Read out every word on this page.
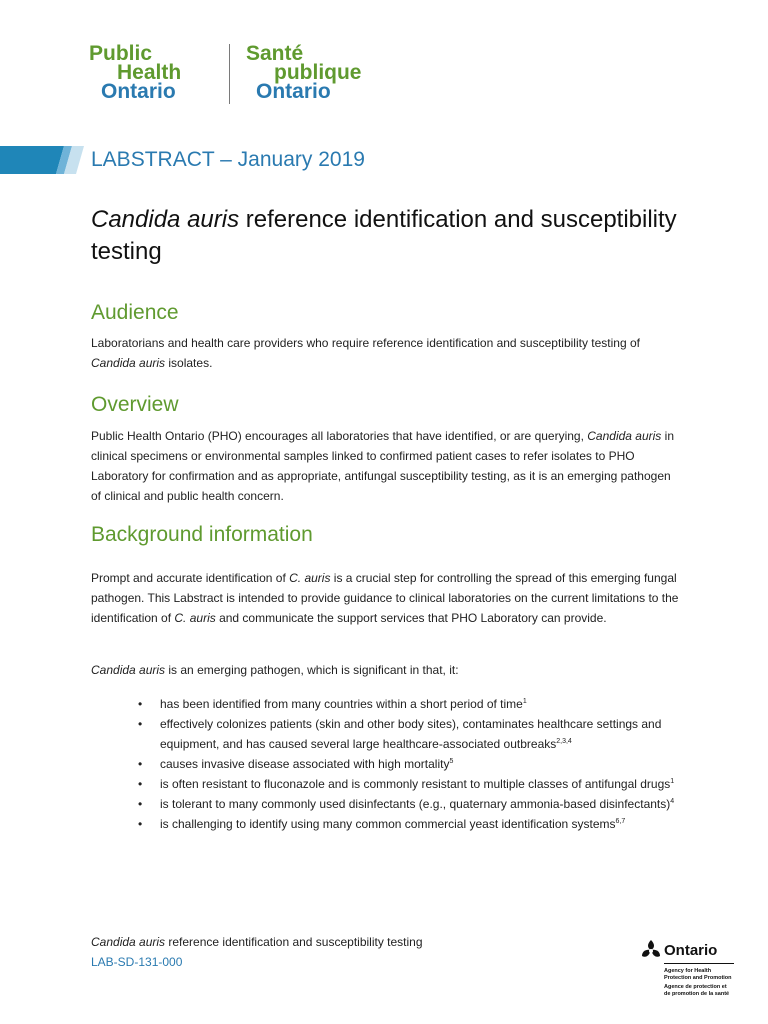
Public
Health
Ontario
Santé
publique
Ontario
LABSTRACT – January 2019
Candida auris reference identification and susceptibility testing
Audience
Laboratorians and health care providers who require reference identification and susceptibility testing of Candida auris isolates.
Overview
Public Health Ontario (PHO) encourages all laboratories that have identified, or are querying, Candida auris in clinical specimens or environmental samples linked to confirmed patient cases to refer isolates to PHO Laboratory for confirmation and as appropriate, antifungal susceptibility testing, as it is an emerging pathogen of clinical and public health concern.
Background information
Prompt and accurate identification of C. auris is a crucial step for controlling the spread of this emerging fungal pathogen. This Labstract is intended to provide guidance to clinical laboratories on the current limitations to the identification of C. auris and communicate the support services that PHO Laboratory can provide.
Candida auris is an emerging pathogen, which is significant in that, it:
• has been identified from many countries within a short period of time$^1$
• effectively colonizes patients (skin and other body sites), contaminates healthcare settings and equipment, and has caused several large healthcare-associated outbreaks$^{2,3,4}$
• causes invasive disease associated with high mortality$^5$
• is often resistant to fluconazole and is commonly resistant to multiple classes of antifungal drugs$^1$
• is tolerant to many commonly used disinfectants (e.g., quaternary ammonia-based disinfectants)$^4$
• is challenging to identify using many common commercial yeast identification systems$^{6,7}$
Candida auris reference identification and susceptibility testing
LAB-SD-131-000
Ontario
Agency for Health
Protection and Promotion
Agence de protection et
de promotion de la santé
